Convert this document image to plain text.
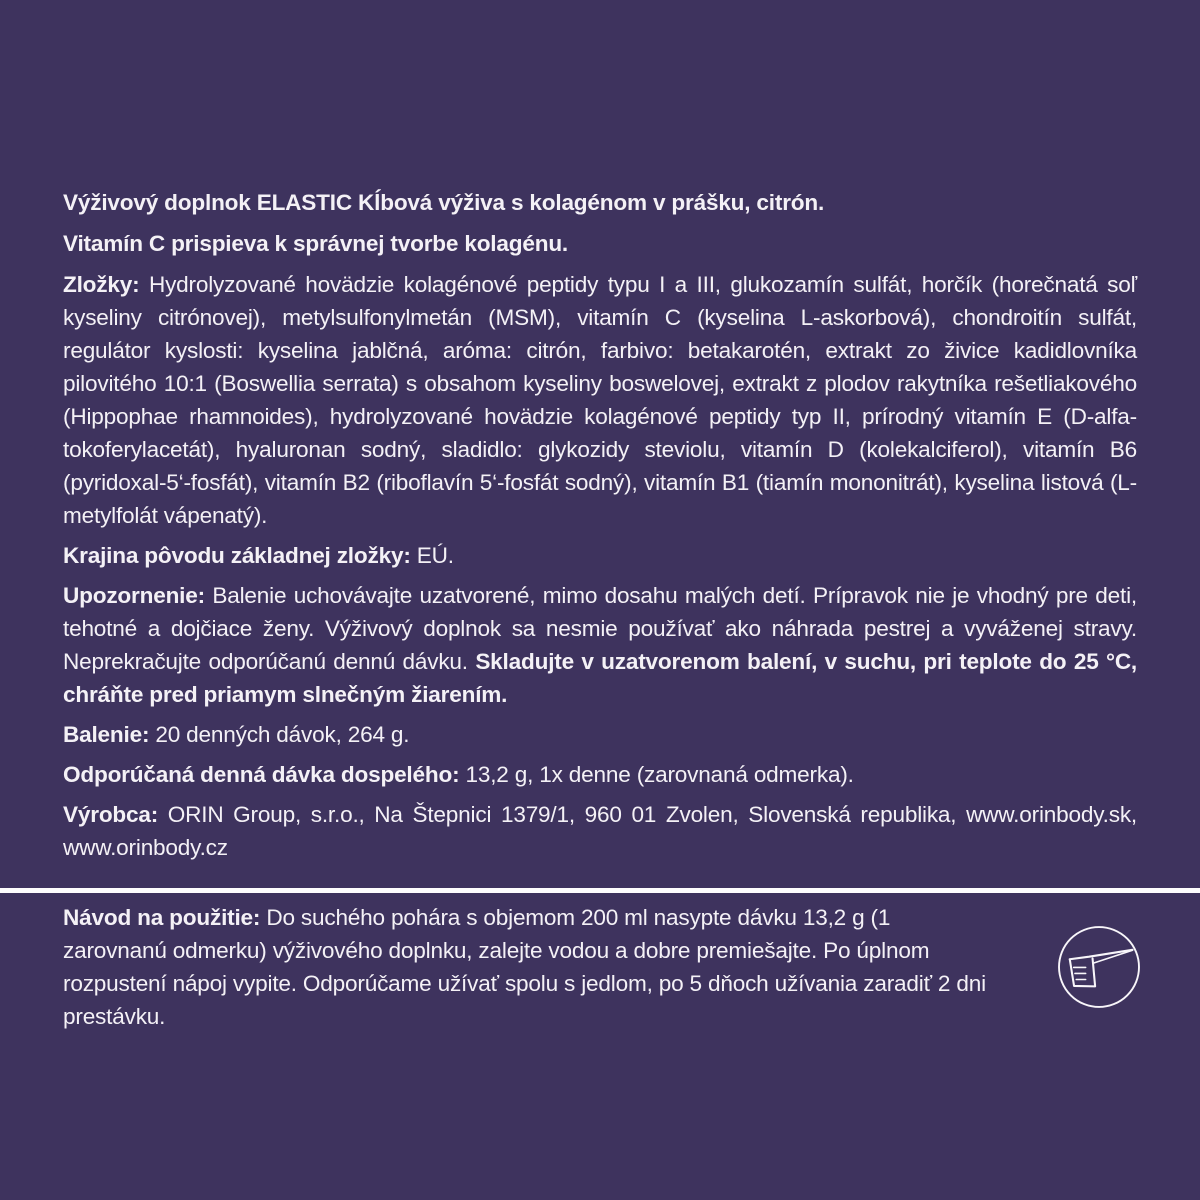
Výživový doplnok ELASTIC Kĺbová výživa s kolagénom v prášku, citrón.

Vitamín C prispieva k správnej tvorbe kolagénu.

Zložky: Hydrolyzované hovädzie kolagénové peptidy typu I a III, glukozamín sulfát, horčík (horečnatá soľ kyseliny citrónovej), metylsulfonylmetán (MSM), vitamín C (kyselina L-askorbová), chondroitín sulfát, regulátor kyslosti: kyselina jablčná, aróma: citrón, farbivo: betakarotén, extrakt zo živice kadidlovníka pilovitého 10:1 (Boswellia serrata) s obsahom kyseliny boswelovej, extrakt z plodov rakytníka rešetliakového (Hippophae rhamnoides), hydrolyzované hovädzie kolagénové peptidy typ II, prírodný vitamín E (D-alfa-tokoferylacetát), hyaluronan sodný, sladidlo: glykozidy steviolu, vitamín D (kolekalciferol), vitamín B6 (pyridoxal-5‘-fosfát), vitamín B2 (riboflavín 5‘-fosfát sodný), vitamín B1 (tiamín mononitrát), kyselina listová (L-metylfolát vápenatý).

Krajina pôvodu základnej zložky: EÚ.

Upozornenie: Balenie uchovávajte uzatvorené, mimo dosahu malých detí. Prípravok nie je vhodný pre deti, tehotné a dojčiace ženy. Výživový doplnok sa nesmie používať ako náhrada pestrej a vyváženej stravy. Neprekračujte odporúčanú dennú dávku. Skladujte v uzatvorenom balení, v suchu, pri teplote do 25 °C, chráňte pred priamym slnečným žiarením.

Balenie: 20 denných dávok, 264 g.

Odporúčaná denná dávka dospelého: 13,2 g, 1x denne (zarovnaná odmerka).

Výrobca: ORIN Group, s.r.o., Na Štepnici 1379/1, 960 01 Zvolen, Slovenská republika, www.orinbody.sk, www.orinbody.cz

Návod na použitie: Do suchého pohára s objemom 200 ml nasypte dávku 13,2 g (1 zarovnanú odmerku) výživového doplnku, zalejte vodou a dobre premiešajte. Po úplnom rozpustení nápoj vypite. Odporúčame užívať spolu s jedlom, po 5 dňoch užívania zaradiť 2 dni prestávku.
